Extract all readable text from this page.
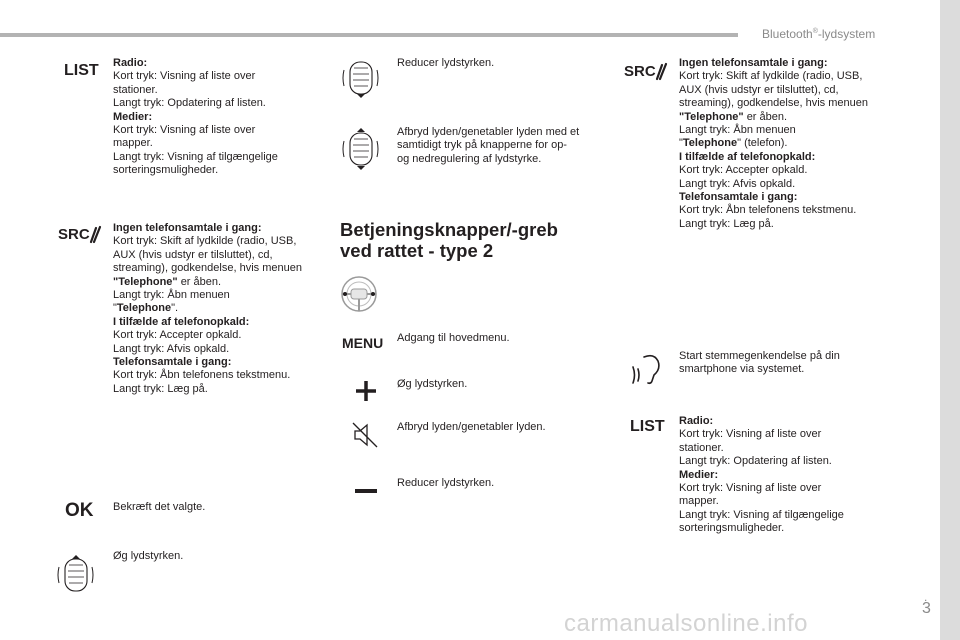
Bluetooth®-lydsystem
.
3
LIST Radio:
Kort tryk: Visning af liste over stationer.
Langt tryk: Opdatering af listen.
Medier:
Kort tryk: Visning af liste over mapper.
Langt tryk: Visning af tilgængelige sorteringsmuligheder.
SRC Ingen telefonsamtale i gang:
Kort tryk: Skift af lydkilde (radio, USB, AUX (hvis udstyr er tilsluttet), cd, streaming), godkendelse, hvis menuen "Telephone" er åben.
Langt tryk: Åbn menuen
"Telephone".
I tilfælde af telefonopkald:
Kort tryk: Accepter opkald.
Langt tryk: Afvis opkald.
Telefonsamtale i gang:
Kort tryk: Åbn telefonens tekstmenu.
Langt tryk: Læg på.
OK Bekræft det valgte.
Øg lydstyrken.
Reducer lydstyrken.
Afbryd lyden/genetabler lyden med et samtidigt tryk på knapperne for op- og nedregulering af lydstyrke.
Betjeningsknapper/-greb ved rattet - type 2
MENU Adgang til hovedmenu.
Øg lydstyrken.
Afbryd lyden/genetabler lyden.
Reducer lydstyrken.
SRC Ingen telefonsamtale i gang:
Kort tryk: Skift af lydkilde (radio, USB, AUX (hvis udstyr er tilsluttet), cd, streaming), godkendelse, hvis menuen "Telephone" er åben.
Langt tryk: Åbn menuen
"Telephone" (telefon).
I tilfælde af telefonopkald:
Kort tryk: Accepter opkald.
Langt tryk: Afvis opkald.
Telefonsamtale i gang:
Kort tryk: Åbn telefonens tekstmenu.
Langt tryk: Læg på.
Start stemmegenkendelse på din smartphone via systemet.
LIST Radio:
Kort tryk: Visning af liste over stationer.
Langt tryk: Opdatering af listen.
Medier:
Kort tryk: Visning af liste over mapper.
Langt tryk: Visning af tilgængelige sorteringsmuligheder.
carmanualsonline.info
